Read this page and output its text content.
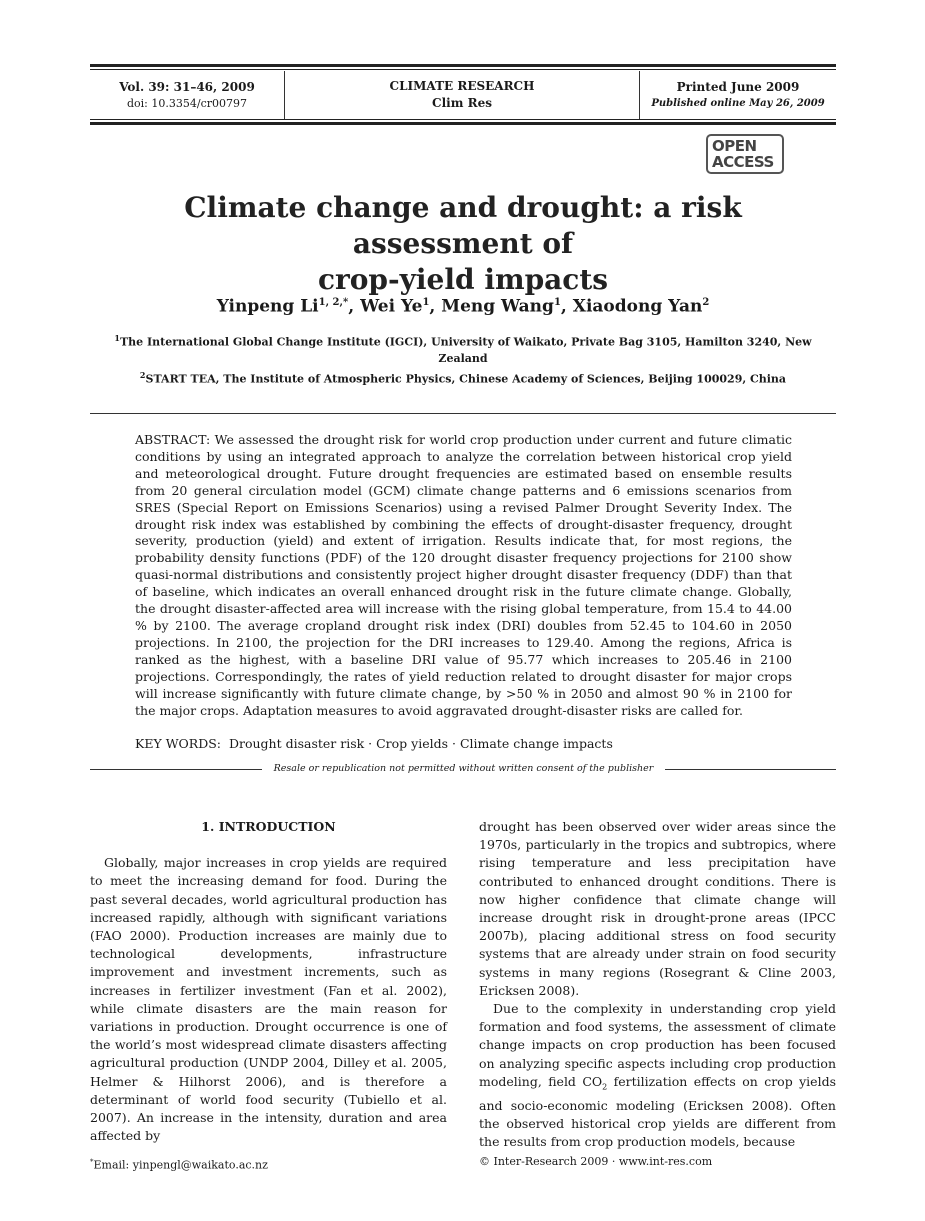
Vol. 39: 31–46, 2009
doi: 10.3354/cr00797
CLIMATE RESEARCH
Clim Res
Printed June 2009
Published online May 26, 2009
OPEN
ACCESS
Climate change and drought: a risk assessment of
crop-yield impacts
Yinpeng $Li^{1, 2,*}$, Wei Ye$^1$, Meng Wang$^1$, Xiaodong Yan$^2$
$^1$The International Global Change Institute (IGCI), University of Waikato, Private Bag 3105, Hamilton 3240, New Zealand
$^2$START TEA, The Institute of Atmospheric Physics, Chinese Academy of Sciences, Beijing 100029, China
ABSTRACT: We assessed the drought risk for world crop production under current and future climatic conditions by using an integrated approach to analyze the correlation between historical crop yield and meteorological drought. Future drought frequencies are estimated based on ensemble results from 20 general circulation model (GCM) climate change patterns and 6 emissions scenarios from SRES (Special Report on Emissions Scenarios) using a revised Palmer Drought Severity Index. The drought risk index was established by combining the effects of drought-disaster frequency, drought severity, production (yield) and extent of irrigation. Results indicate that, for most regions, the probability density functions (PDF) of the 120 drought disaster frequency projections for 2100 show quasi-normal distributions and consistently project higher drought disaster frequency (DDF) than that of baseline, which indicates an overall enhanced drought risk in the future climate change. Globally, the drought disaster-affected area will increase with the rising global temperature, from 15.4 to 44.00 % by 2100. The average cropland drought risk index (DRI) doubles from 52.45 to 104.60 in 2050 projections. In 2100, the projection for the DRI increases to 129.40. Among the regions, Africa is ranked as the highest, with a baseline DRI value of 95.77 which increases to 205.46 in 2100 projections. Correspondingly, the rates of yield reduction related to drought disaster for major crops will increase significantly with future climate change, by >50 % in 2050 and almost 90 % in 2100 for the major crops. Adaptation measures to avoid aggravated drought-disaster risks are called for.
KEY WORDS: Drought disaster risk · Crop yields · Climate change impacts
Resale or republication not permitted without written consent of the publisher
1. INTRODUCTION

Globally, major increases in crop yields are required to meet the increasing demand for food. During the past several decades, world agricultural production has increased rapidly, although with significant variations (FAO 2000). Production increases are mainly due to technological developments, infrastructure improvement and investment increments, such as increases in fertilizer investment (Fan et al. 2002), while climate disasters are the main reason for variations in production. Drought occurrence is one of the world’s most widespread climate disasters affecting agricultural production (UNDP 2004, Dilley et al. 2005, Helmer & Hilhorst 2006), and is therefore a determinant of world food security (Tubiello et al. 2007). An increase in the intensity, duration and area affected by

drought has been observed over wider areas since the 1970s, particularly in the tropics and subtropics, where rising temperature and less precipitation have contributed to enhanced drought conditions. There is now higher confidence that climate change will increase drought risk in drought-prone areas (IPCC 2007b), placing additional stress on food security systems that are already under strain on food security systems in many regions (Rosegrant & Cline 2003, Ericksen 2008).

Due to the complexity in understanding crop yield formation and food systems, the assessment of climate change impacts on crop production has been focused on analyzing specific aspects including crop production modeling, field $CO_2$ fertilization effects on crop yields and socio-economic modeling (Ericksen 2008). Often the observed historical crop yields are different from the results from crop production models, because

*Email: yinpengl@waikato.ac.nz	© Inter-Research 2009 · www.int-res.com
